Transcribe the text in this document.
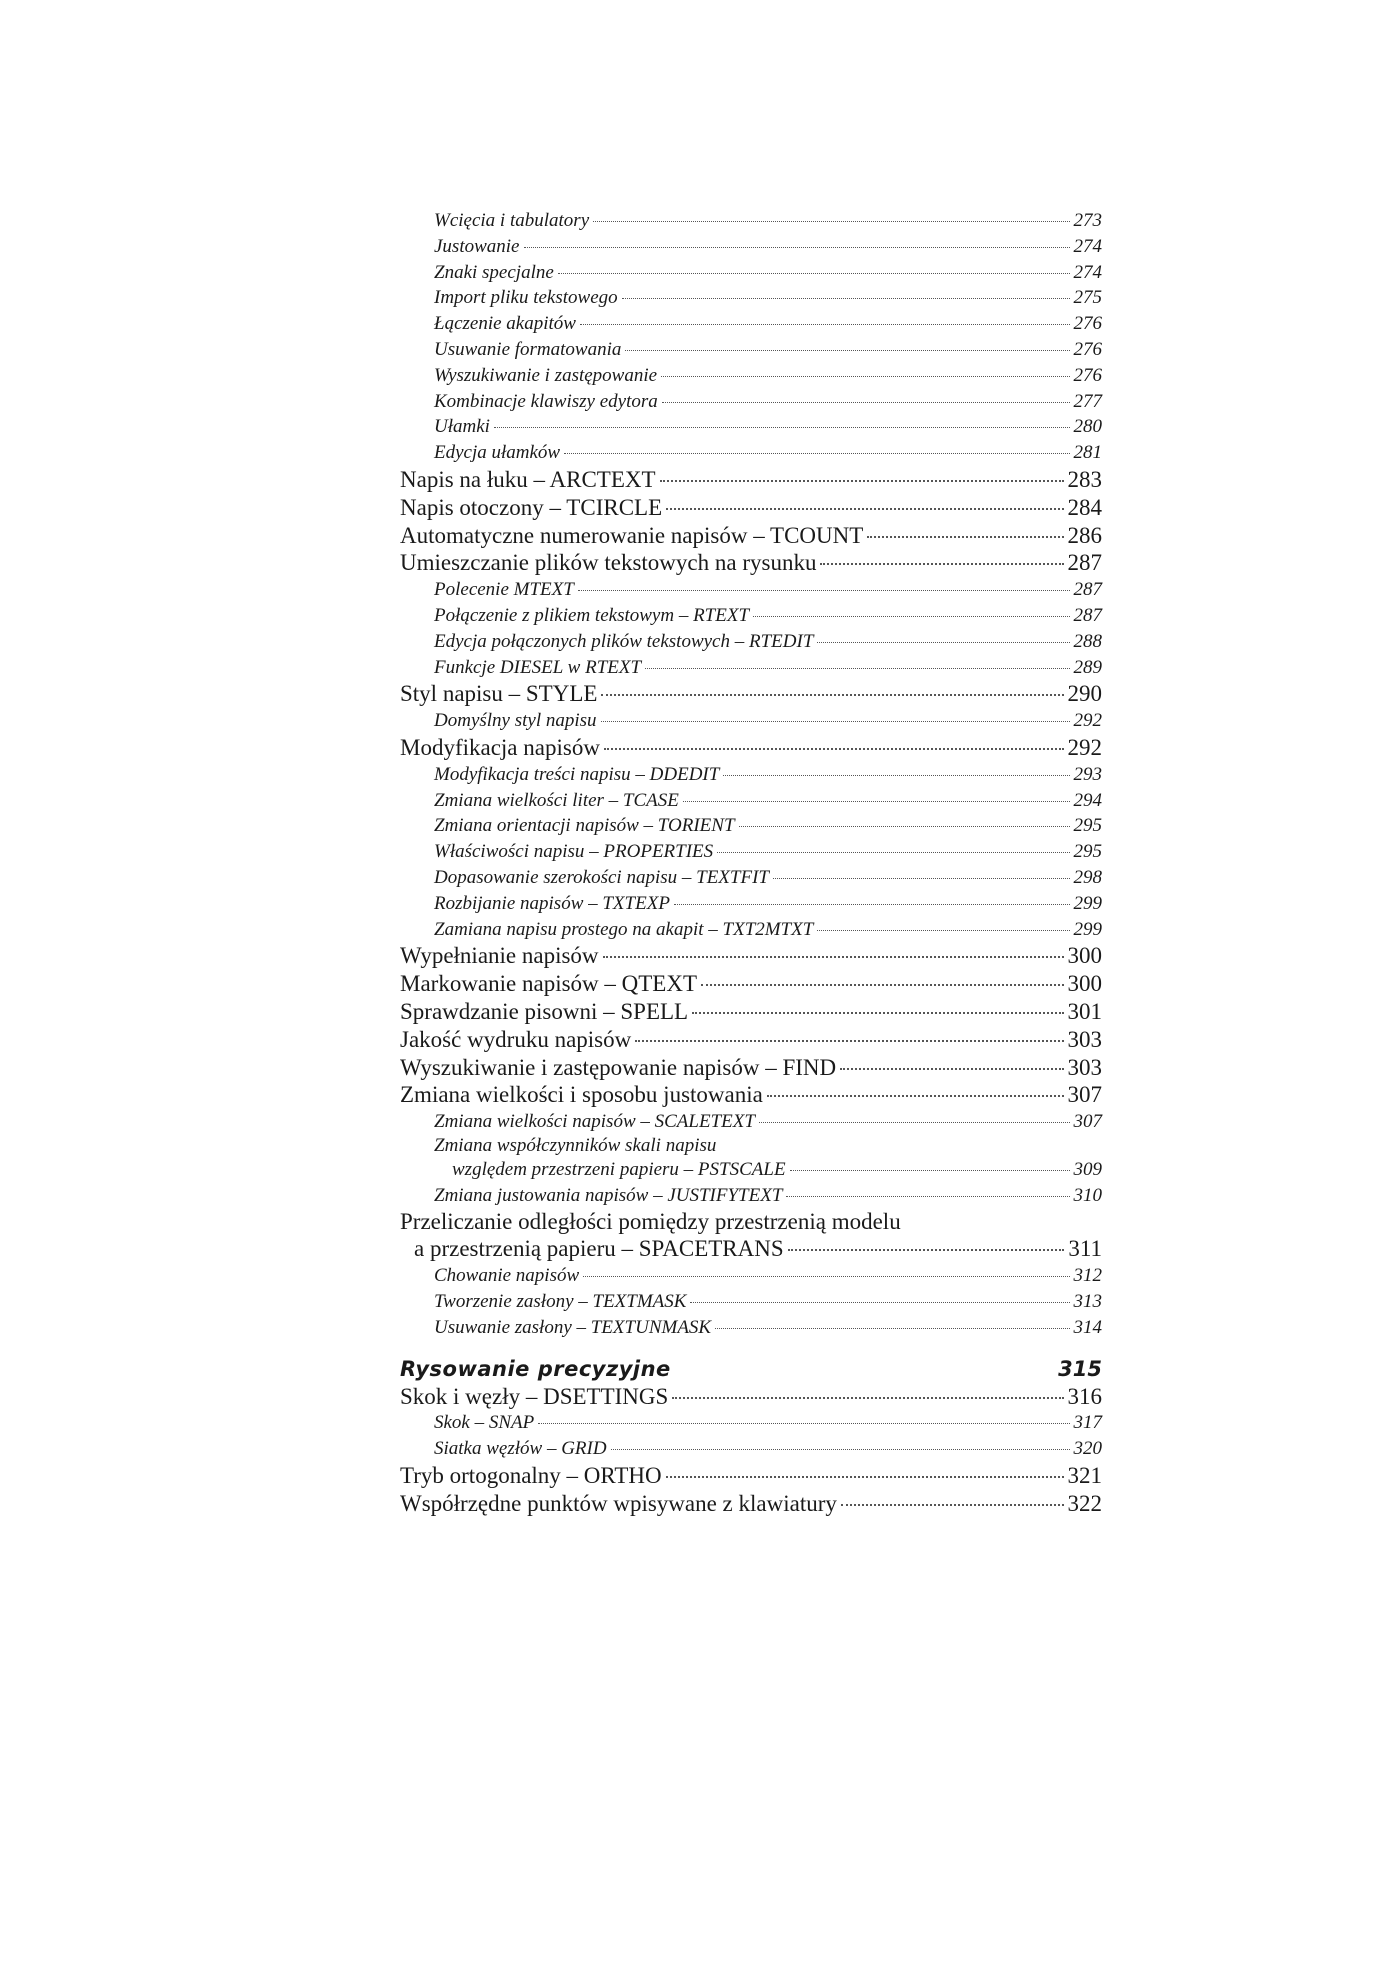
Wcięcia i tabulatory	273
Justowanie	274
Znaki specjalne	274
Import pliku tekstowego	275
Łączenie akapitów	276
Usuwanie formatowania	276
Wyszukiwanie i zastępowanie	276
Kombinacje klawiszy edytora	277
Ułamki	280
Edycja ułamków	281
Napis na łuku – ARCTEXT	283
Napis otoczony – TCIRCLE	284
Automatyczne numerowanie napisów – TCOUNT	286
Umieszczanie plików tekstowych na rysunku	287
Polecenie MTEXT	287
Połączenie z plikiem tekstowym – RTEXT	287
Edycja połączonych plików tekstowych – RTEDIT	288
Funkcje DIESEL w RTEXT	289
Styl napisu – STYLE	290
Domyślny styl napisu	292
Modyfikacja napisów	292
Modyfikacja treści napisu – DDEDIT	293
Zmiana wielkości liter – TCASE	294
Zmiana orientacji napisów – TORIENT	295
Właściwości napisu – PROPERTIES	295
Dopasowanie szerokości napisu – TEXTFIT	298
Rozbijanie napisów – TXTEXP	299
Zamiana napisu prostego na akapit – TXT2MTXT	299
Wypełnianie napisów	300
Markowanie napisów – QTEXT	300
Sprawdzanie pisowni – SPELL	301
Jakość wydruku napisów	303
Wyszukiwanie i zastępowanie napisów – FIND	303
Zmiana wielkości i sposobu justowania	307
Zmiana wielkości napisów – SCALETEXT	307
Zmiana współczynników skali napisu
względem przestrzeni papieru – PSTSCALE	309
Zmiana justowania napisów – JUSTIFYTEXT	310
Przeliczanie odległości pomiędzy przestrzenią modelu
a przestrzenią papieru – SPACETRANS	311
Chowanie napisów	312
Tworzenie zasłony – TEXTMASK	313
Usuwanie zasłony – TEXTUNMASK	314
Rysowanie precyzyjne	315
Skok i węzły – DSETTINGS	316
Skok – SNAP	317
Siatka węzłów – GRID	320
Tryb ortogonalny – ORTHO	321
Współrzędne punktów wpisywane z klawiatury	322
